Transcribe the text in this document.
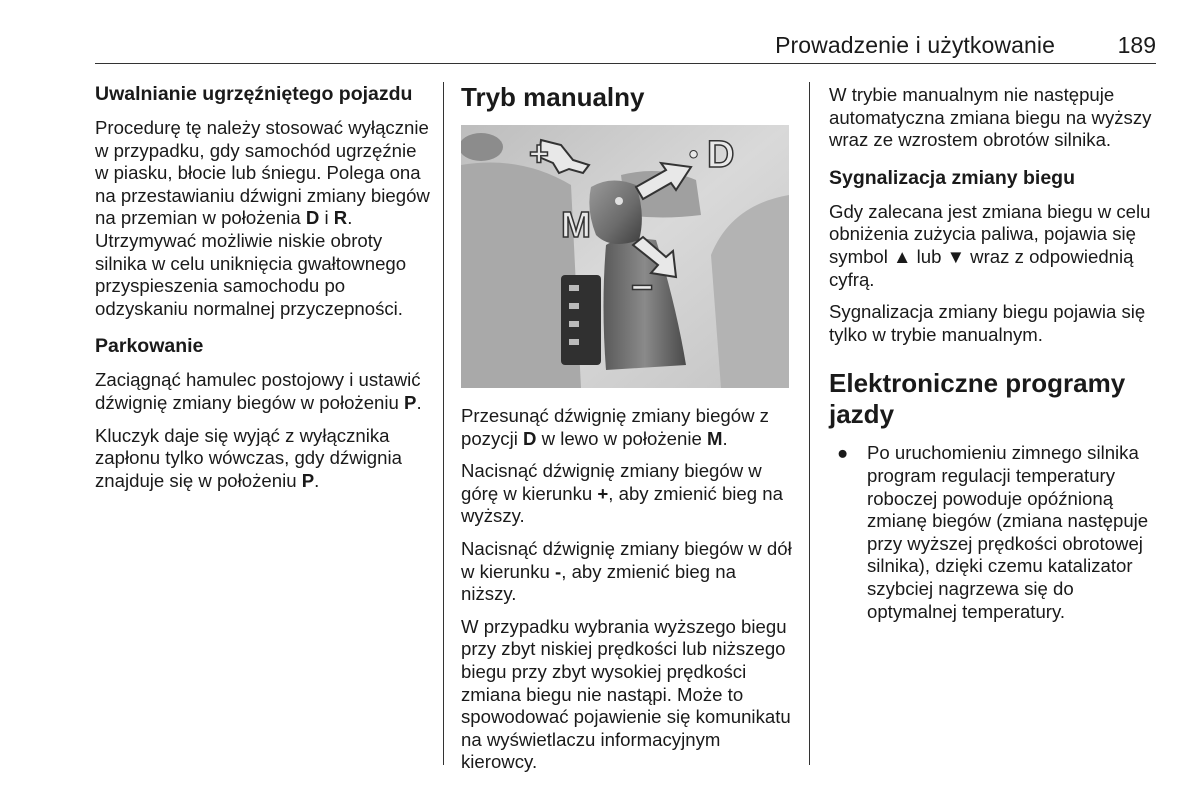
Prowadzenie i użytkowanie	189
Uwalnianie ugrzęźniętego pojazdu

Procedurę tę należy stosować wyłącznie w przypadku, gdy samochód ugrzęźnie w piasku, błocie lub śniegu. Polega ona na przestawianiu dźwigni zmiany biegów na przemian w położenia D i R. Utrzymywać możliwie niskie obroty silnika w celu uniknięcia gwałtownego przyspieszenia samochodu po odzyskaniu normalnej przyczepności.

Parkowanie

Zaciągnąć hamulec postojowy i ustawić dźwignię zmiany biegów w położeniu P.

Kluczyk daje się wyjąć z wyłącznika zapłonu tylko wówczas, gdy dźwignia znajduje się w położeniu P.

Tryb manualny
+	• D
M
−

Przesunąć dźwignię zmiany biegów z pozycji D w lewo w położenie M.

Nacisnąć dźwignię zmiany biegów w górę w kierunku +, aby zmienić bieg na wyższy.

Nacisnąć dźwignię zmiany biegów w dół w kierunku -, aby zmienić bieg na niższy.

W przypadku wybrania wyższego biegu przy zbyt niskiej prędkości lub niższego biegu przy zbyt wysokiej prędkości zmiana biegu nie nastąpi. Może to spowodować pojawienie się komunikatu na wyświetlaczu informacyjnym kierowcy.

W trybie manualnym nie następuje automatyczna zmiana biegu na wyższy wraz ze wzrostem obrotów silnika.

Sygnalizacja zmiany biegu

Gdy zalecana jest zmiana biegu w celu obniżenia zużycia paliwa, pojawia się symbol ▲ lub ▼ wraz z odpowiednią cyfrą.

Sygnalizacja zmiany biegu pojawia się tylko w trybie manualnym.

Elektroniczne programy jazdy
● Po uruchomieniu zimnego silnika program regulacji temperatury roboczej powoduje opóźnioną zmianę biegów (zmiana następuje przy wyższej prędkości obrotowej silnika), dzięki czemu katalizator szybciej nagrzewa się do optymalnej temperatury.
